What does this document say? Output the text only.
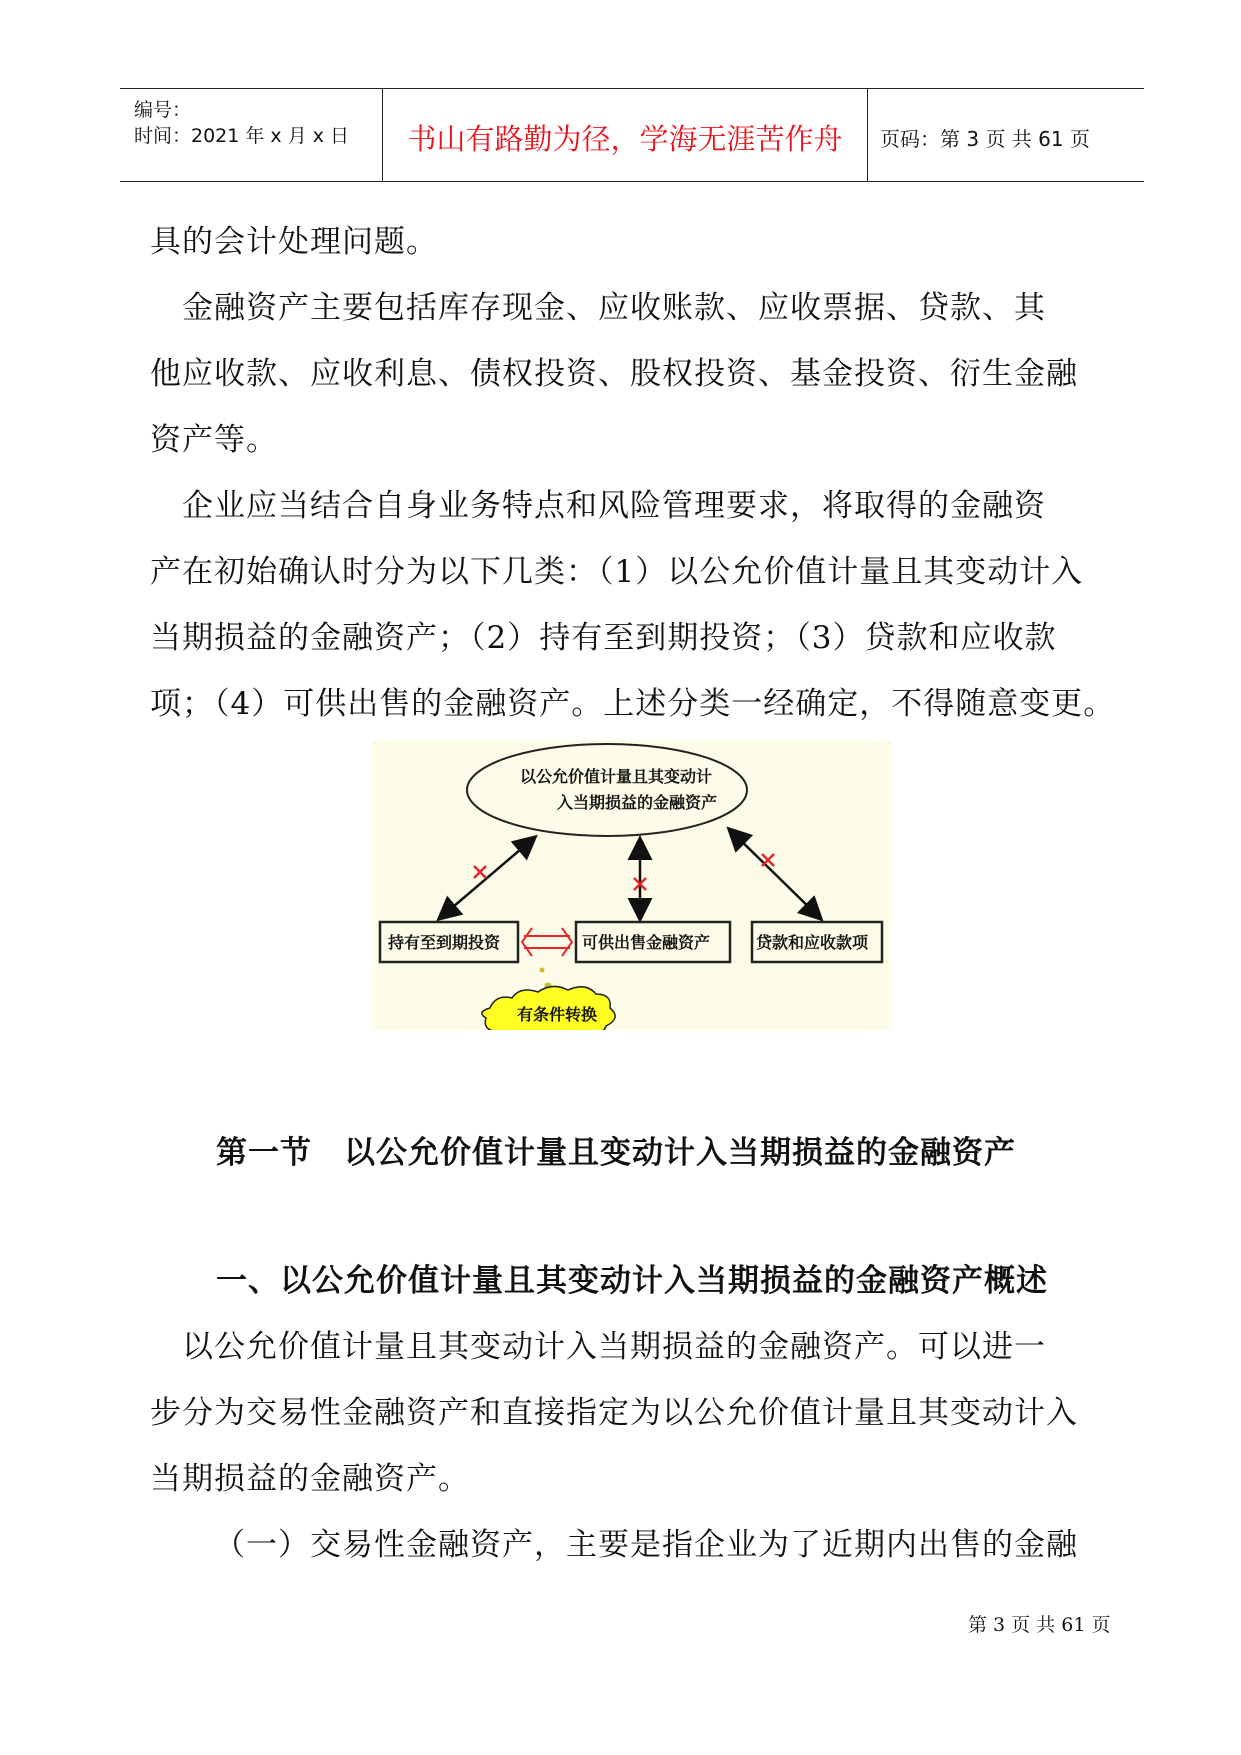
编号：
时间：2021 年 x 月 x 日	书山有路勤为径，学海无涯苦作舟	页码：第 3 页 共 61 页
具的会计处理问题。
　金融资产主要包括库存现金、应收账款、应收票据、贷款、其
他应收款、应收利息、债权投资、股权投资、基金投资、衍生金融
资产等。
　企业应当结合自身业务特点和风险管理要求，将取得的金融资
产在初始确认时分为以下几类：（1）以公允价值计量且其变动计入
当期损益的金融资产；（2）持有至到期投资；（3）贷款和应收款
项；（4）可供出售的金融资产。上述分类一经确定，不得随意变更。
以公允价值计量且其变动计
入当期损益的金融资产
持有至到期投资	可供出售金融资产	贷款和应收款项
有条件转换
第一节　以公允价值计量且变动计入当期损益的金融资产
一、以公允价值计量且其变动计入当期损益的金融资产概述
　以公允价值计量且其变动计入当期损益的金融资产。可以进一
步分为交易性金融资产和直接指定为以公允价值计量且其变动计入
当期损益的金融资产。
（一）交易性金融资产，主要是指企业为了近期内出售的金融
第 3 页 共 61 页
